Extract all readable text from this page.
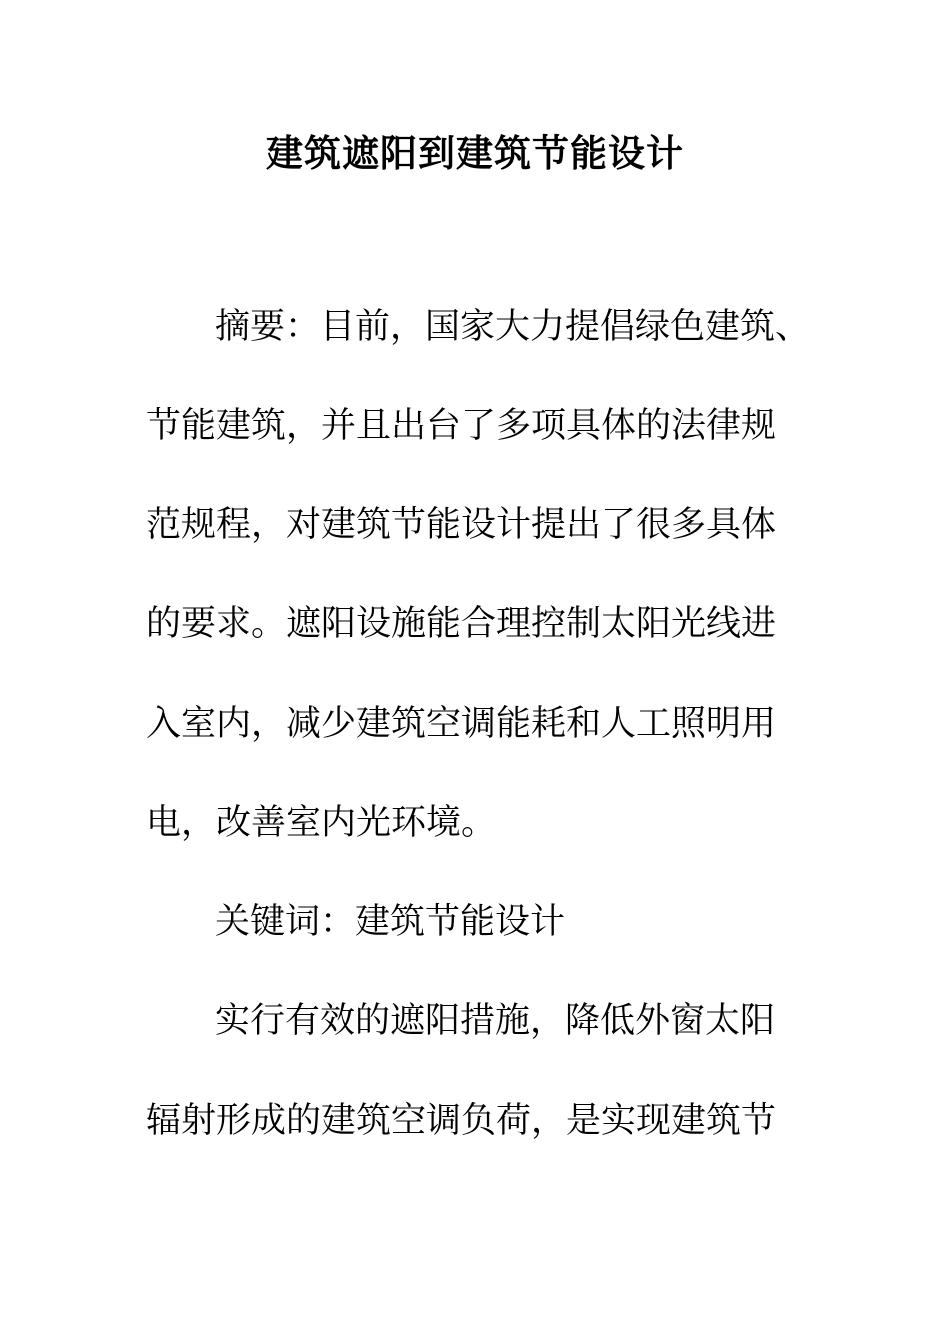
建筑遮阳到建筑节能设计
摘要：目前，国家大力提倡绿色建筑、
节能建筑，并且出台了多项具体的法律规
范规程，对建筑节能设计提出了很多具体
的要求。遮阳设施能合理控制太阳光线进
入室内，减少建筑空调能耗和人工照明用
电，改善室内光环境。
关键词：建筑节能设计
实行有效的遮阳措施，降低外窗太阳
辐射形成的建筑空调负荷，是实现建筑节
